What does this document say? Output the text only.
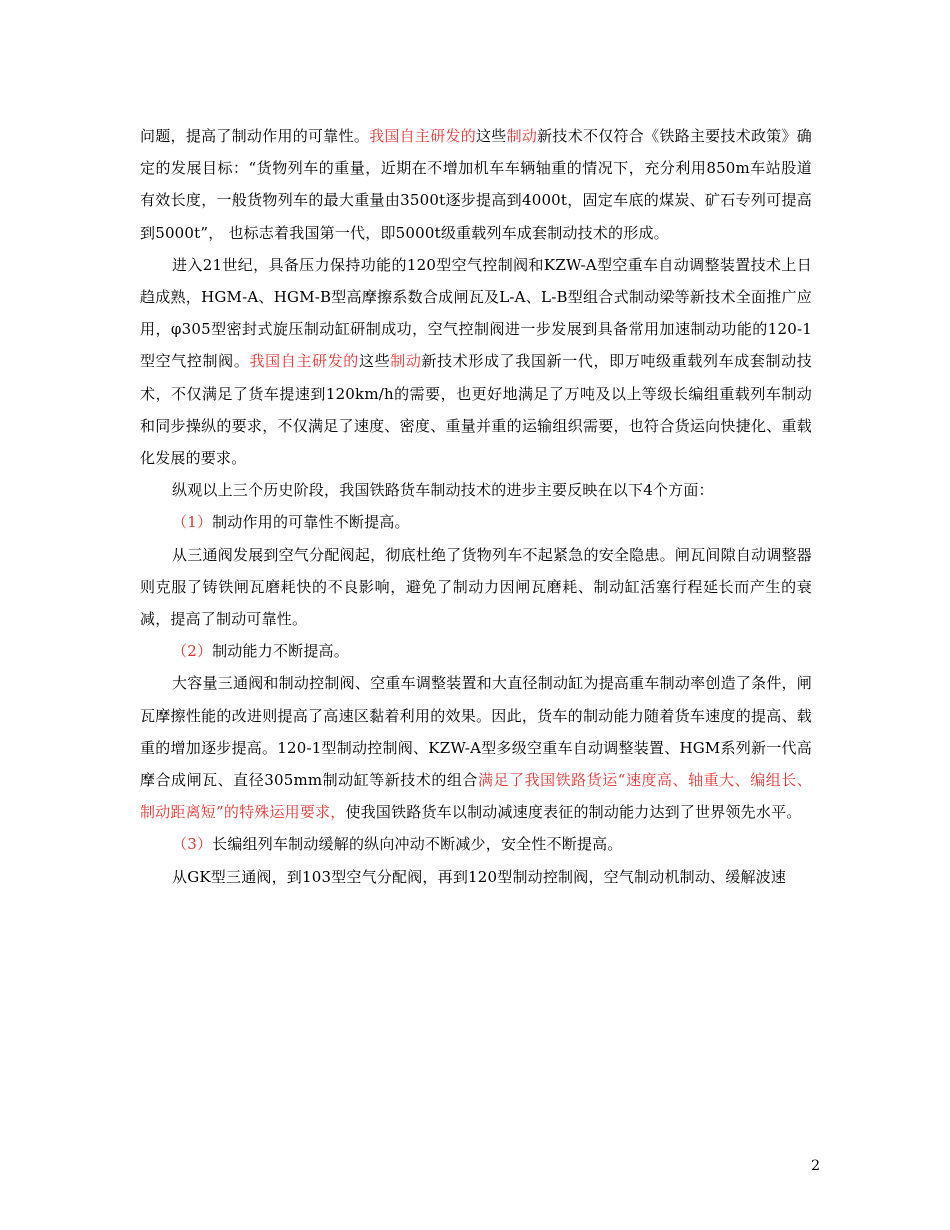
问题，提高了制动作用的可靠性。我国自主研发的这些制动新技术不仅符合《铁路主要技术政策》确定的发展目标：“货物列车的重量，近期在不增加机车车辆轴重的情况下，充分利用850m车站股道有效长度，一般货物列车的最大重量由3500t逐步提高到4000t，固定车底的煤炭、矿石专列可提高到5000t”， 也标志着我国第一代，即5000t级重载列车成套制动技术的形成。

进入21世纪，具备压力保持功能的120型空气控制阀和KZW-A型空重车自动调整装置技术上日趋成熟，HGM-A、HGM-B型高摩擦系数合成闸瓦及L-A、L-B型组合式制动梁等新技术全面推广应用，φ305型密封式旋压制动缸研制成功，空气控制阀进一步发展到具备常用加速制动功能的120-1型空气控制阀。我国自主研发的这些制动新技术形成了我国新一代，即万吨级重载列车成套制动技术，不仅满足了货车提速到120km/h的需要，也更好地满足了万吨及以上等级长编组重载列车制动和同步操纵的要求，不仅满足了速度、密度、重量并重的运输组织需要，也符合货运向快捷化、重载化发展的要求。

纵观以上三个历史阶段，我国铁路货车制动技术的进步主要反映在以下4个方面：

（1）制动作用的可靠性不断提高。

从三通阀发展到空气分配阀起，彻底杜绝了货物列车不起紧急的安全隐患。闸瓦间隙自动调整器则克服了铸铁闸瓦磨耗快的不良影响，避免了制动力因闸瓦磨耗、制动缸活塞行程延长而产生的衰减，提高了制动可靠性。

（2）制动能力不断提高。

大容量三通阀和制动控制阀、空重车调整装置和大直径制动缸为提高重车制动率创造了条件，闸瓦摩擦性能的改进则提高了高速区黏着利用的效果。因此，货车的制动能力随着货车速度的提高、载重的增加逐步提高。120-1型制动控制阀、KZW-A型多级空重车自动调整装置、HGM系列新一代高摩合成闸瓦、直径305mm制动缸等新技术的组合满足了我国铁路货运“速度高、轴重大、编组长、制动距离短”的特殊运用要求，使我国铁路货车以制动减速度表征的制动能力达到了世界领先水平。

（3）长编组列车制动缓解的纵向冲动不断减少，安全性不断提高。

从GK型三通阀，到103型空气分配阀，再到120型制动控制阀，空气制动机制动、缓解波速

2
